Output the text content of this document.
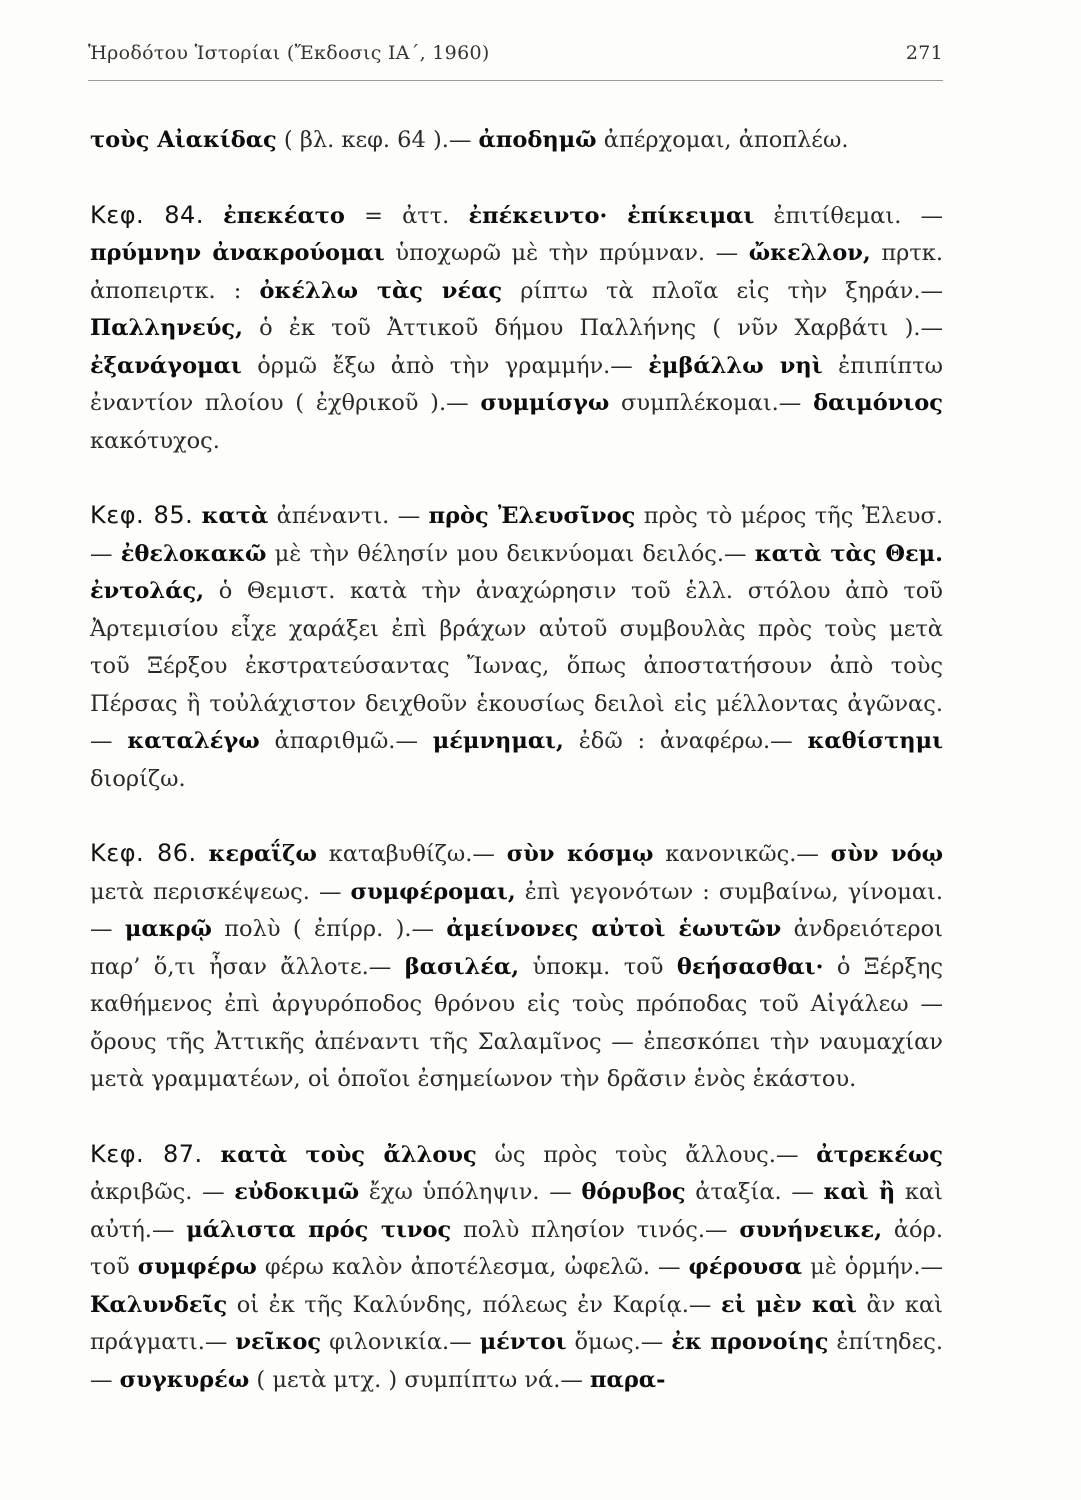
Ἡροδότου Ἱστορίαι (Ἔκδοσις ΙΑ΄, 1960)	271

τοὺς Αἰακίδας ( βλ. κεφ. 64 ).— ἀποδημῶ ἀπέρχομαι, ἀποπλέω.

Κεφ. 84. ἐπεκέατο = ἀττ. ἐπέκειντο· ἐπίκειμαι ἐπιτίθεμαι. — πρύμνην ἀνακρούομαι ὑποχωρῶ μὲ τὴν πρύμναν. — ὤκελλον, πρτκ. ἀποπειρτκ. : ὀκέλλω τὰς νέας ρίπτω τὰ πλοῖα εἰς τὴν ξηράν.— Παλληνεύς, ὁ ἐκ τοῦ Ἀττικοῦ δήμου Παλλήνης ( νῦν Χαρβάτι ).— ἐξανάγομαι ὁρμῶ ἔξω ἀπὸ τὴν γραμμήν.— ἐμβάλλω νηὶ ἐπιπίπτω ἐναντίον πλοίου ( ἐχθρικοῦ ).— συμμίσγω συμπλέκομαι.— δαιμόνιος κακότυχος.

Κεφ. 85. κατὰ ἀπέναντι. — πρὸς Ἐλευσῖνος πρὸς τὸ μέρος τῆς Ἐλευσ.— ἐθελοκακῶ μὲ τὴν θέλησίν μου δεικνύομαι δειλός.— κατὰ τὰς Θεμ. ἐντολάς, ὁ Θεμιστ. κατὰ τὴν ἀναχώρησιν τοῦ ἑλλ. στόλου ἀπὸ τοῦ Ἀρτεμισίου εἶχε χαράξει ἐπὶ βράχων αὐτοῦ συμβουλὰς πρὸς τοὺς μετὰ τοῦ Ξέρξου ἐκστρατεύσαντας Ἴωνας, ὅπως ἀποστατήσουν ἀπὸ τοὺς Πέρσας ἢ τοὐλάχιστον δειχθοῦν ἑκουσίως δειλοὶ εἰς μέλλοντας ἀγῶνας.— καταλέγω ἀπαριθμῶ.— μέμνημαι, ἐδῶ : ἀναφέρω.— καθίστημι διορίζω.

Κεφ. 86. κεραΐζω καταβυθίζω.— σὺν κόσμῳ κανονικῶς.— σὺν νόῳ μετὰ περισκέψεως. — συμφέρομαι, ἐπὶ γεγονότων : συμβαίνω, γίνομαι.— μακρῷ πολὺ ( ἐπίρρ. ).— ἀμείνονες αὐτοὶ ἑωυτῶν ἀνδρειότεροι παρ’ ὅ,τι ἦσαν ἄλλοτε.— βασιλέα, ὑποκμ. τοῦ θεήσασθαι· ὁ Ξέρξης καθήμενος ἐπὶ ἀργυρόποδος θρόνου εἰς τοὺς πρόποδας τοῦ Αἰγάλεω — ὄρους τῆς Ἀττικῆς ἀπέναντι τῆς Σαλαμῖνος — ἐπεσκόπει τὴν ναυμαχίαν μετὰ γραμματέων, οἱ ὁποῖοι ἐσημείωνον τὴν δρᾶσιν ἑνὸς ἑκάστου.

Κεφ. 87. κατὰ τοὺς ἄλλους ὡς πρὸς τοὺς ἄλλους.— ἀτρεκέως ἀκριβῶς. — εὐδοκιμῶ ἔχω ὑπόληψιν. — θόρυβος ἀταξία. — καὶ ἢ καὶ αὐτή.— μάλιστα πρός τινος πολὺ πλησίον τινός.— συνήνεικε, ἀόρ. τοῦ συμφέρω φέρω καλὸν ἀποτέλεσμα, ὠφελῶ. — φέρουσα μὲ ὁρμήν.— Καλυνδεῖς οἱ ἐκ τῆς Καλύνδης, πόλεως ἐν Καρίᾳ.— εἰ μὲν καὶ ἂν καὶ πράγματι.— νεῖκος φιλονικία.— μέντοι ὅμως.— ἐκ προνοίης ἐπίτηδες.— συγκυρέω ( μετὰ μτχ. ) συμπίπτω νά.— παρα-
